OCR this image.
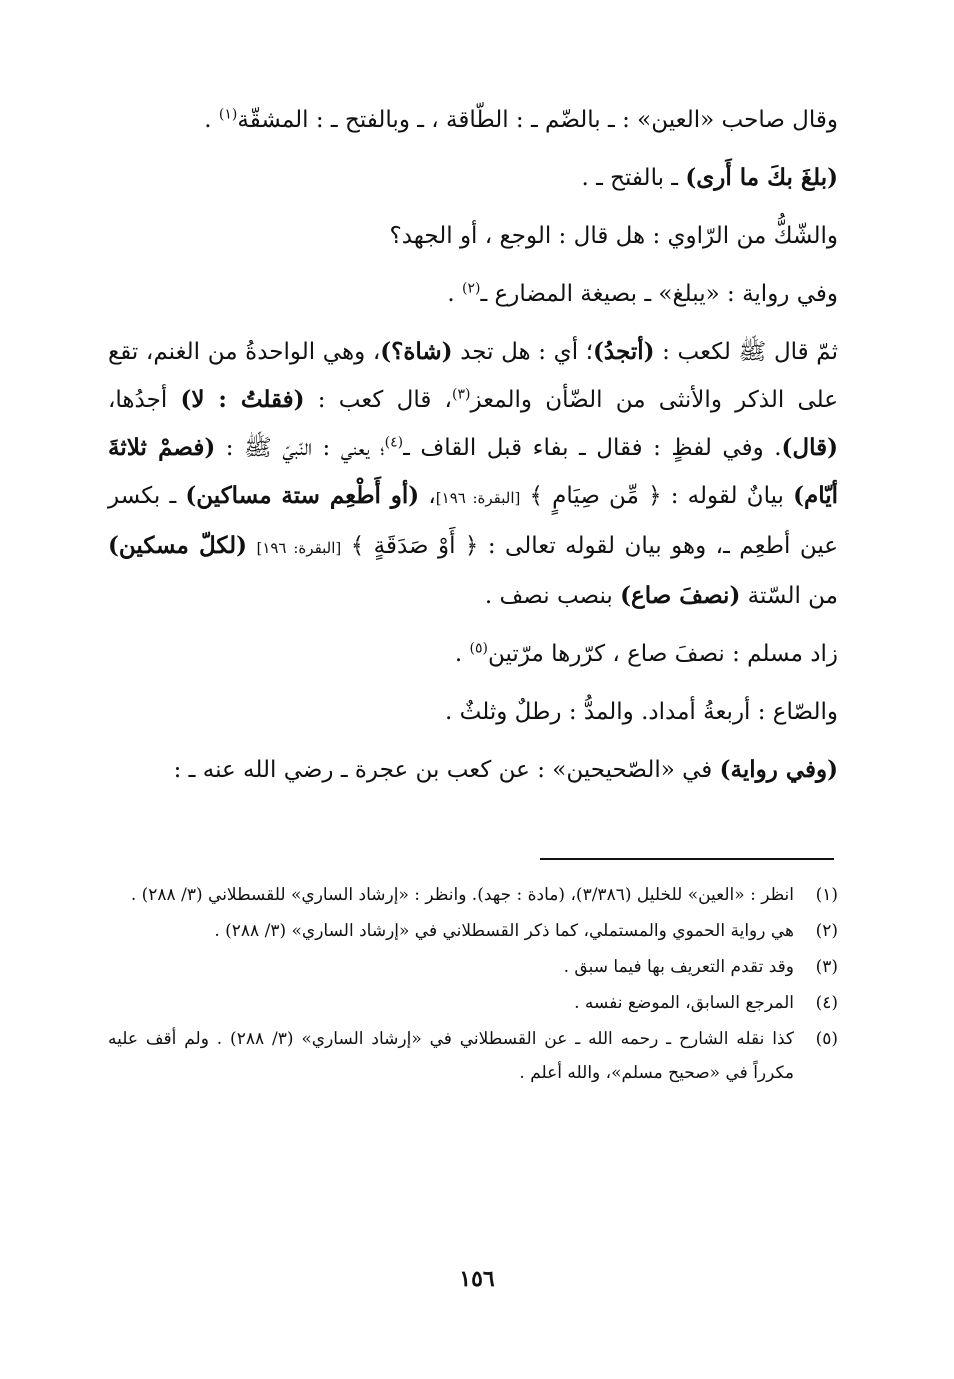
وقال صاحب «العين» : ـ بالضّم ـ : الطّاقة ، ـ وبالفتح ـ : المشقّة$^{(١)}$ .

(بلغَ بكَ ما أَرى) ـ بالفتح ـ .

والشّكُّ من الرّاوي : هل قال : الوجع ، أو الجهد؟

وفي رواية : «يبلغ» ـ بصيغة المضارع ـ$^{(٢)}$ .

ثمّ قال ﷺ لكعب : (أتجدُ)؛ أي : هل تجد (شاة؟)، وهي الواحدةُ من الغنم، تقع على الذكر والأنثى من الضّأن والمعز$^{(٣)}$، قال كعب : (فقلتُ : لا) أجدُها، (قال). وفي لفظٍ : فقال ـ بفاء قبل القاف ـ$^{(٤)}$؛ يعني : النّبيّ ﷺ : (فصمْ ثلاثةَ أيّام) بيانٌ لقوله : ﴿ مِّن صِيَامٍ ﴾ [البقرة: ١٩٦]، (أو أَطْعِم ستة مساكين) ـ بكسر عين أطعِم ـ، وهو بيان لقوله تعالى : ﴿ أَوْ صَدَقَةٍ ﴾ [البقرة: ١٩٦] (لكلّ مسكين) من السّتة (نصفَ صاع) بنصب نصف .

زاد مسلم : نصفَ صاع ، كرّرها مرّتين$^{(٥)}$ .

والصّاع : أربعةُ أمداد. والمدُّ : رطلٌ وثلثٌ .

(وفي رواية) في «الصّحيحين» : عن كعب بن عجرة ـ رضي الله عنه ـ :

(١)
انظر : «العين» للخليل (٣/٣٨٦)، (مادة : جهد). وانظر : «إرشاد الساري» للقسطلاني (٣/ ٢٨٨) .
(٢)
هي رواية الحموي والمستملي، كما ذكر القسطلاني في «إرشاد الساري» (٣/ ٢٨٨) .
(٣)
وقد تقدم التعريف بها فيما سبق .
(٤)
المرجع السابق، الموضع نفسه .
(٥)
كذا نقله الشارح ـ رحمه الله ـ عن القسطلاني في «إرشاد الساري» (٣/ ٢٨٨) . ولم أقف عليه مكرراً في «صحيح مسلم»، والله أعلم .
١٥٦
